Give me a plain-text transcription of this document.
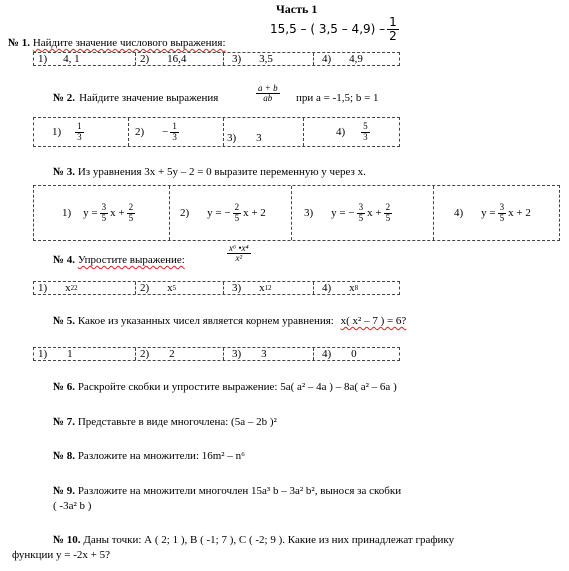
Часть 1
№ 1. Найдите значение числового выражения:
15,5 – ( $3,5 - 4,9) - \frac{1}{2}$
1) 4, 1	2) 16,4	3) 3,5	4) 4,9
№ 2. Найдите значение выражения	$\frac{a + b}{ab}$ при a = -1,5; b = 1
$1) \frac{1}{3}$	$2) - \frac{1}{3}$	3) 3	$4) \frac{5}{3}$
№ 3. Из уравнения 3x + 5y – 2 = 0 выразите переменную у через x.
1) $y = \frac{3}{5}$ $x + \frac{2}{5}$	2) y = − $\frac{2}{5}$ x + 2	3) y = − $\frac{3}{5}$ $x + \frac{2}{5}$	4) $y = \frac{3}{5}$ x + 2
№ 4. Упростите выражение:	$\frac{\text{x⁶ •x⁴}}{\text{x²}}$
1) x 22	2) x 5	3) x 12	4) x 8
№ 5. Какое из указанных чисел является корнем уравнения: x( x² – 7 ) = 6?
1) 1	2) 2	3) 3	4) 0
№ 6. Раскройте скобки и упростите выражение: 5a( a² – 4a ) – 8a( a² – 6a )
№ 7. Представьте в виде многочлена: (5a – 2b )²
№ 8. Разложите на множители: 16m² – n⁶
№ 9. Разложите на множители многочлен 15a³ b – 3a² b², вынося за скобки
( -3a² b )
№ 10. Даны точки: А ( 2; 1 ), В ( -1; 7 ), С ( -2; 9 ). Какие из них принадлежат графику
функции y = -2x + 5?
